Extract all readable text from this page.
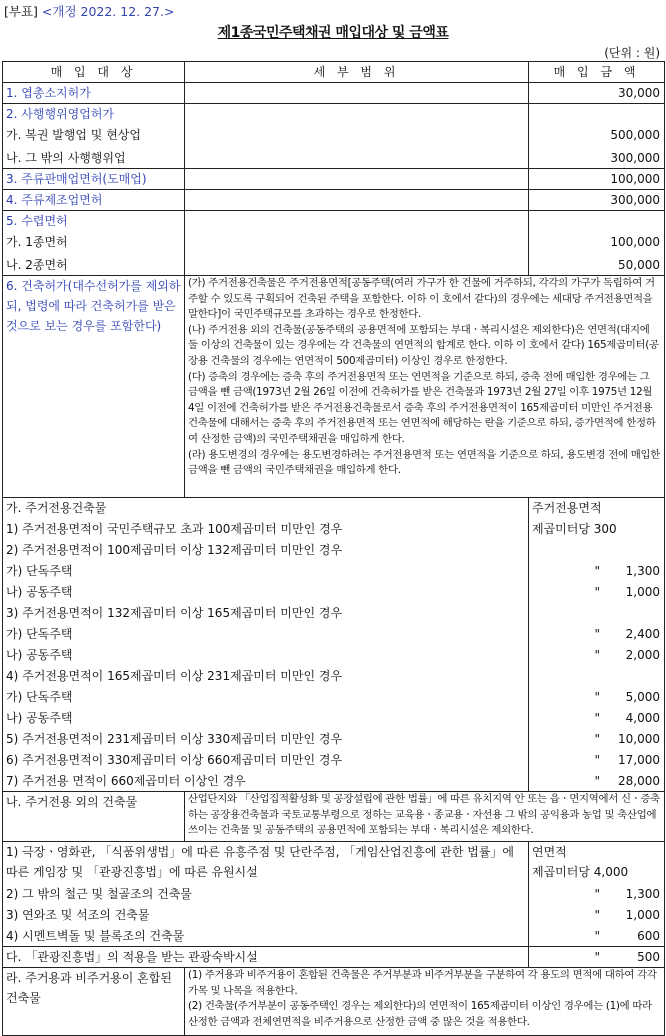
[부표] <개정 2022. 12. 27.>
제1종국민주택채권 매입대상 및 금액표
(단위 : 원)
매 입 대 상	세 부 범 위	매 입 금 액
1. 엽총소지허가		30,000
2. 사행행위영업허가		
가. 복권 발행업 및 현상업		500,000
나. 그 밖의 사행행위업		300,000
3. 주류판매업면허(도매업)		100,000
4. 주류제조업면허		300,000
5. 수렵면허		
가. 1종면허		100,000
나. 2종면허		50,000
6. 건축허가(대수선허가를 제외하되, 법령에 따라 건축허가를 받은 것으로 보는 경우를 포함한다)	(가) 주거전용건축물은 주거전용면적[공동주택(여러 가구가 한 건물에 거주하되, 각각의 가구가 독립하여 거주할 수 있도록 구획되어 건축된 주택을 포함한다. 이하 이 호에서 같다)의 경우에는 세대당 주거전용면적을 말한다]이 국민주택규모를 초과하는 경우로 한정한다.
(나) 주거전용 외의 건축물(공동주택의 공용면적에 포함되는 부대ㆍ복리시설은 제외한다)은 연면적(대지에 둘 이상의 건축물이 있는 경우에는 각 건축물의 연면적의 합계로 한다. 이하 이 호에서 같다) 165제곱미터(공장용 건축물의 경우에는 연면적이 500제곱미터) 이상인 경우로 한정한다.
(다) 증축의 경우에는 증축 후의 주거전용면적 또는 연면적을 기준으로 하되, 증축 전에 매입한 경우에는 그 금액을 뺀 금액(1973년 2월 26일 이전에 건축허가를 받은 건축물과 1973년 2월 27일 이후 1975년 12월 4일 이전에 건축허가를 받은 주거전용건축물로서 증축 후의 주거전용면적이 165제곱미터 미만인 주거전용건축물에 대해서는 증축 후의 주거전용면적 또는 연면적에 해당하는 란을 기준으로 하되, 증가면적에 한정하여 산정한 금액)의 국민주택채권을 매입하게 한다.
(라) 용도변경의 경우에는 용도변경하려는 주거전용면적 또는 연면적을 기준으로 하되, 용도변경 전에 매입한 금액을 뺀 금액의 국민주택채권을 매입하게 한다.	
가. 주거전용건축물		주거전용면적
1) 주거전용면적이 국민주택규모 초과 100제곱미터 미만인 경우		제곱미터당 300
2) 주거전용면적이 100제곱미터 이상 132제곱미터 미만인 경우		
가) 단독주택		" 1,300
나) 공동주택		" 1,000
3) 주거전용면적이 132제곱미터 이상 165제곱미터 미만인 경우		
가) 단독주택		" 2,400
나) 공동주택		" 2,000
4) 주거전용면적이 165제곱미터 이상 231제곱미터 미만인 경우		
가) 단독주택		" 5,000
나) 공동주택		" 4,000
5) 주거전용면적이 231제곱미터 이상 330제곱미터 미만인 경우		" 10,000
6) 주거전용면적이 330제곱미터 이상 660제곱미터 미만인 경우		" 17,000
7) 주거전용 면적이 660제곱미터 이상인 경우		" 28,000
나. 주거전용 외의 건축물	산업단지와 「산업집적활성화 및 공장설립에 관한 법률」에 따른 유치지역 안 또는 읍ㆍ면지역에서 신ㆍ증축하는 공장용건축물과 국토교통부령으로 정하는 교육용ㆍ종교용ㆍ자선용 그 밖의 공익용과 농업 및 축산업에 쓰이는 건축물 및 공동주택의 공용면적에 포함되는 부대ㆍ복리시설은 제외한다.	
1) 극장ㆍ영화관, 「식품위생법」에 따른 유흥주점 및 단란주점, 「게임산업진흥에 관한 법률」에 따른 게임장 및 「관광진흥법」에 따른 유원시설		연면적
제곱미터당 4,000

2) 그 밖의 철근 및 철골조의 건축물		" 1,300
3) 연와조 및 석조의 건축물		" 1,000
4) 시멘트벽돌 및 블록조의 건축물		" 600
다. 「관광진흥법」의 적용을 받는 관광숙박시설		" 500
라. 주거용과 비주거용이 혼합된 건축물	(1) 주거용과 비주거용이 혼합된 건축물은 주거부분과 비주거부분을 구분하여 각 용도의 면적에 대하여 각각 가목 및 나목을 적용한다.
(2) 건축물(주거부분이 공동주택인 경우는 제외한다)의 연면적이 165제곱미터 이상인 경우에는 (1)에 따라 산정한 금액과 전체연면적을 비주거용으로 산정한 금액 중 많은 것을 적용한다.	
